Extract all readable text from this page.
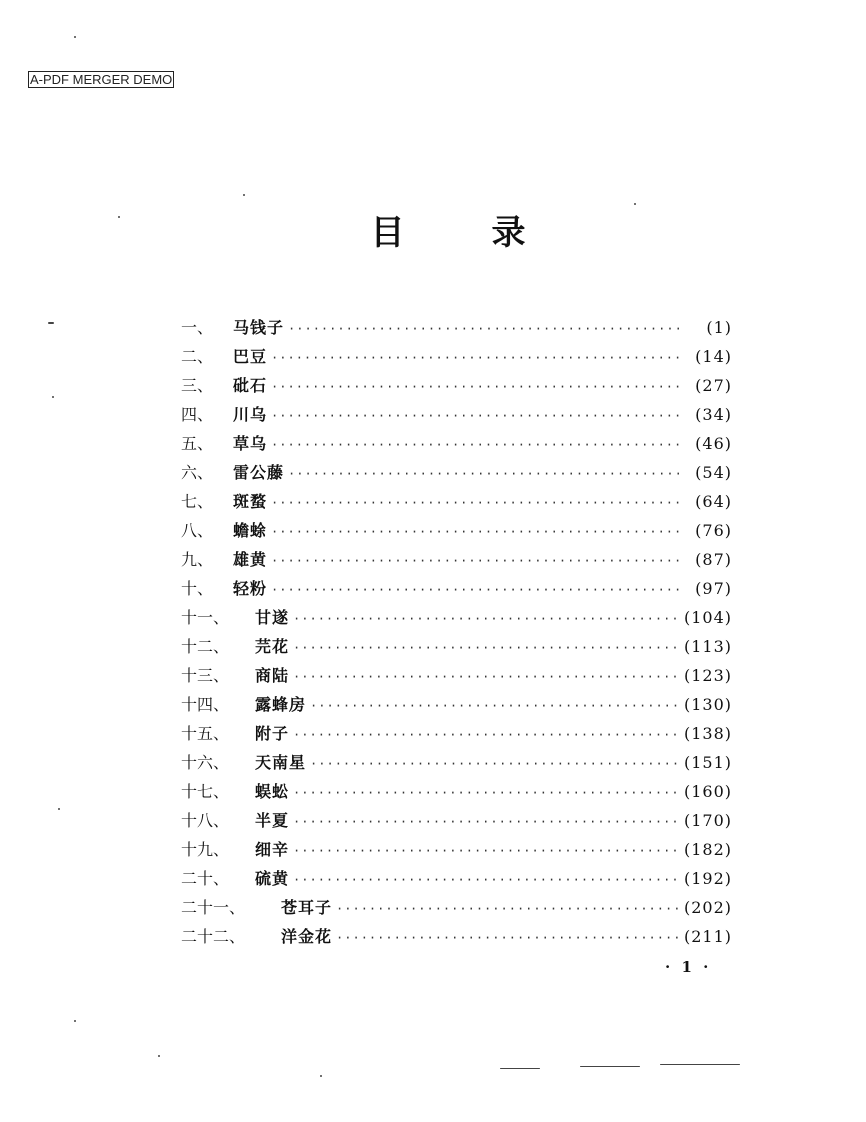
A-PDF MERGER DEMO
目	录
一、	马钱子 ·····	(1)
二、	巴豆 ·····	(14)
三、	砒石 ·····	(27)
四、	川乌 ·····	(34)
五、	草乌 ·····	(46)
六、	雷公藤 ·····	(54)
七、	斑蝥 ·····	(64)
八、	蟾蜍 ·····	(76)
九、	雄黄 ·····	(87)
十、	轻粉 ·····	(97)
十一、	甘遂 ·····	(104)
十二、	芫花 ·····	(113)
十三、	商陆 ·····	(123)
十四、	露蜂房 ·····	(130)
十五、	附子 ·····	(138)
十六、	天南星 ·····	(151)
十七、	蜈蚣 ·····	(160)
十八、	半夏 ·····	(170)
十九、	细辛 ·····	(182)
二十、	硫黄 ·····	(192)
二十一、	苍耳子 ·····	(202)
二十二、	洋金花 ·····	(211)
· 1 ·
